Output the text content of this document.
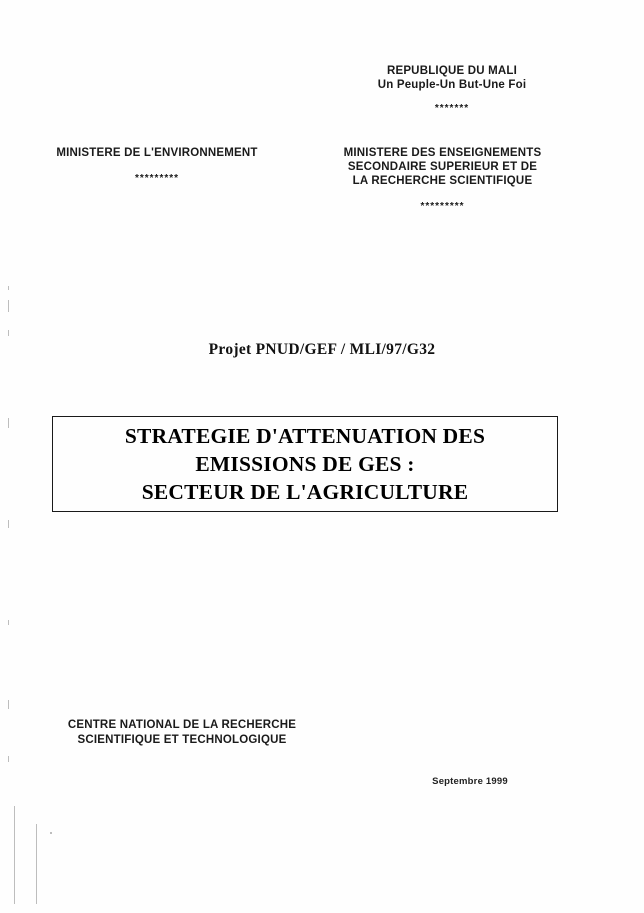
REPUBLIQUE DU MALI
Un Peuple-Un But-Une Foi
*******
MINISTERE DE L'ENVIRONNEMENT
*********
MINISTERE DES ENSEIGNEMENTS
SECONDAIRE SUPERIEUR ET DE
LA RECHERCHE SCIENTIFIQUE
*********
Projet PNUD/GEF / MLI/97/G32
STRATEGIE D'ATTENUATION DES
EMISSIONS DE GES :
SECTEUR DE L'AGRICULTURE
CENTRE NATIONAL DE LA RECHERCHE
SCIENTIFIQUE ET TECHNOLOGIQUE
Septembre 1999
